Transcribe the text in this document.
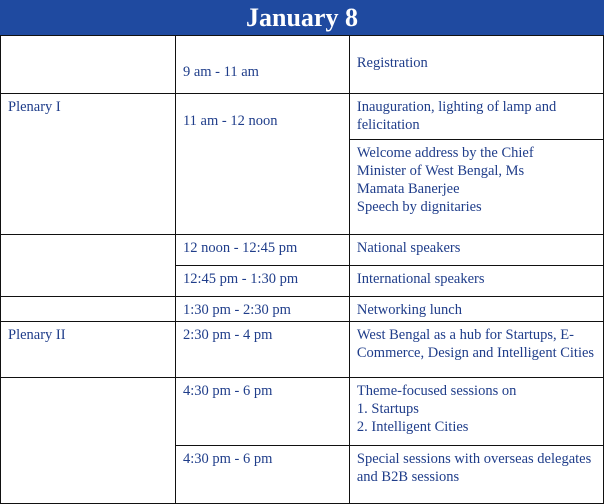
January 8
	9 am - 11 am	Registration
Plenary I	11 am - 12 noon	Inauguration, lighting of lamp and felicitation

		Welcome address by the Chief
Minister of West Bengal, Ms
Mamata Banerjee
Speech by dignitaries

	12 noon - 12:45 pm	National speakers
	12:45 pm - 1:30 pm	International speakers
	1:30 pm - 2:30 pm	Networking lunch
Plenary II	2:30 pm - 4 pm	West Bengal as a hub for Startups, E-Commerce, Design and Intelligent Cities
	4:30 pm - 6 pm	Theme-focused sessions on
1. Startups
2. Intelligent Cities

	4:30 pm - 6 pm	Special sessions with overseas delegates and B2B sessions
